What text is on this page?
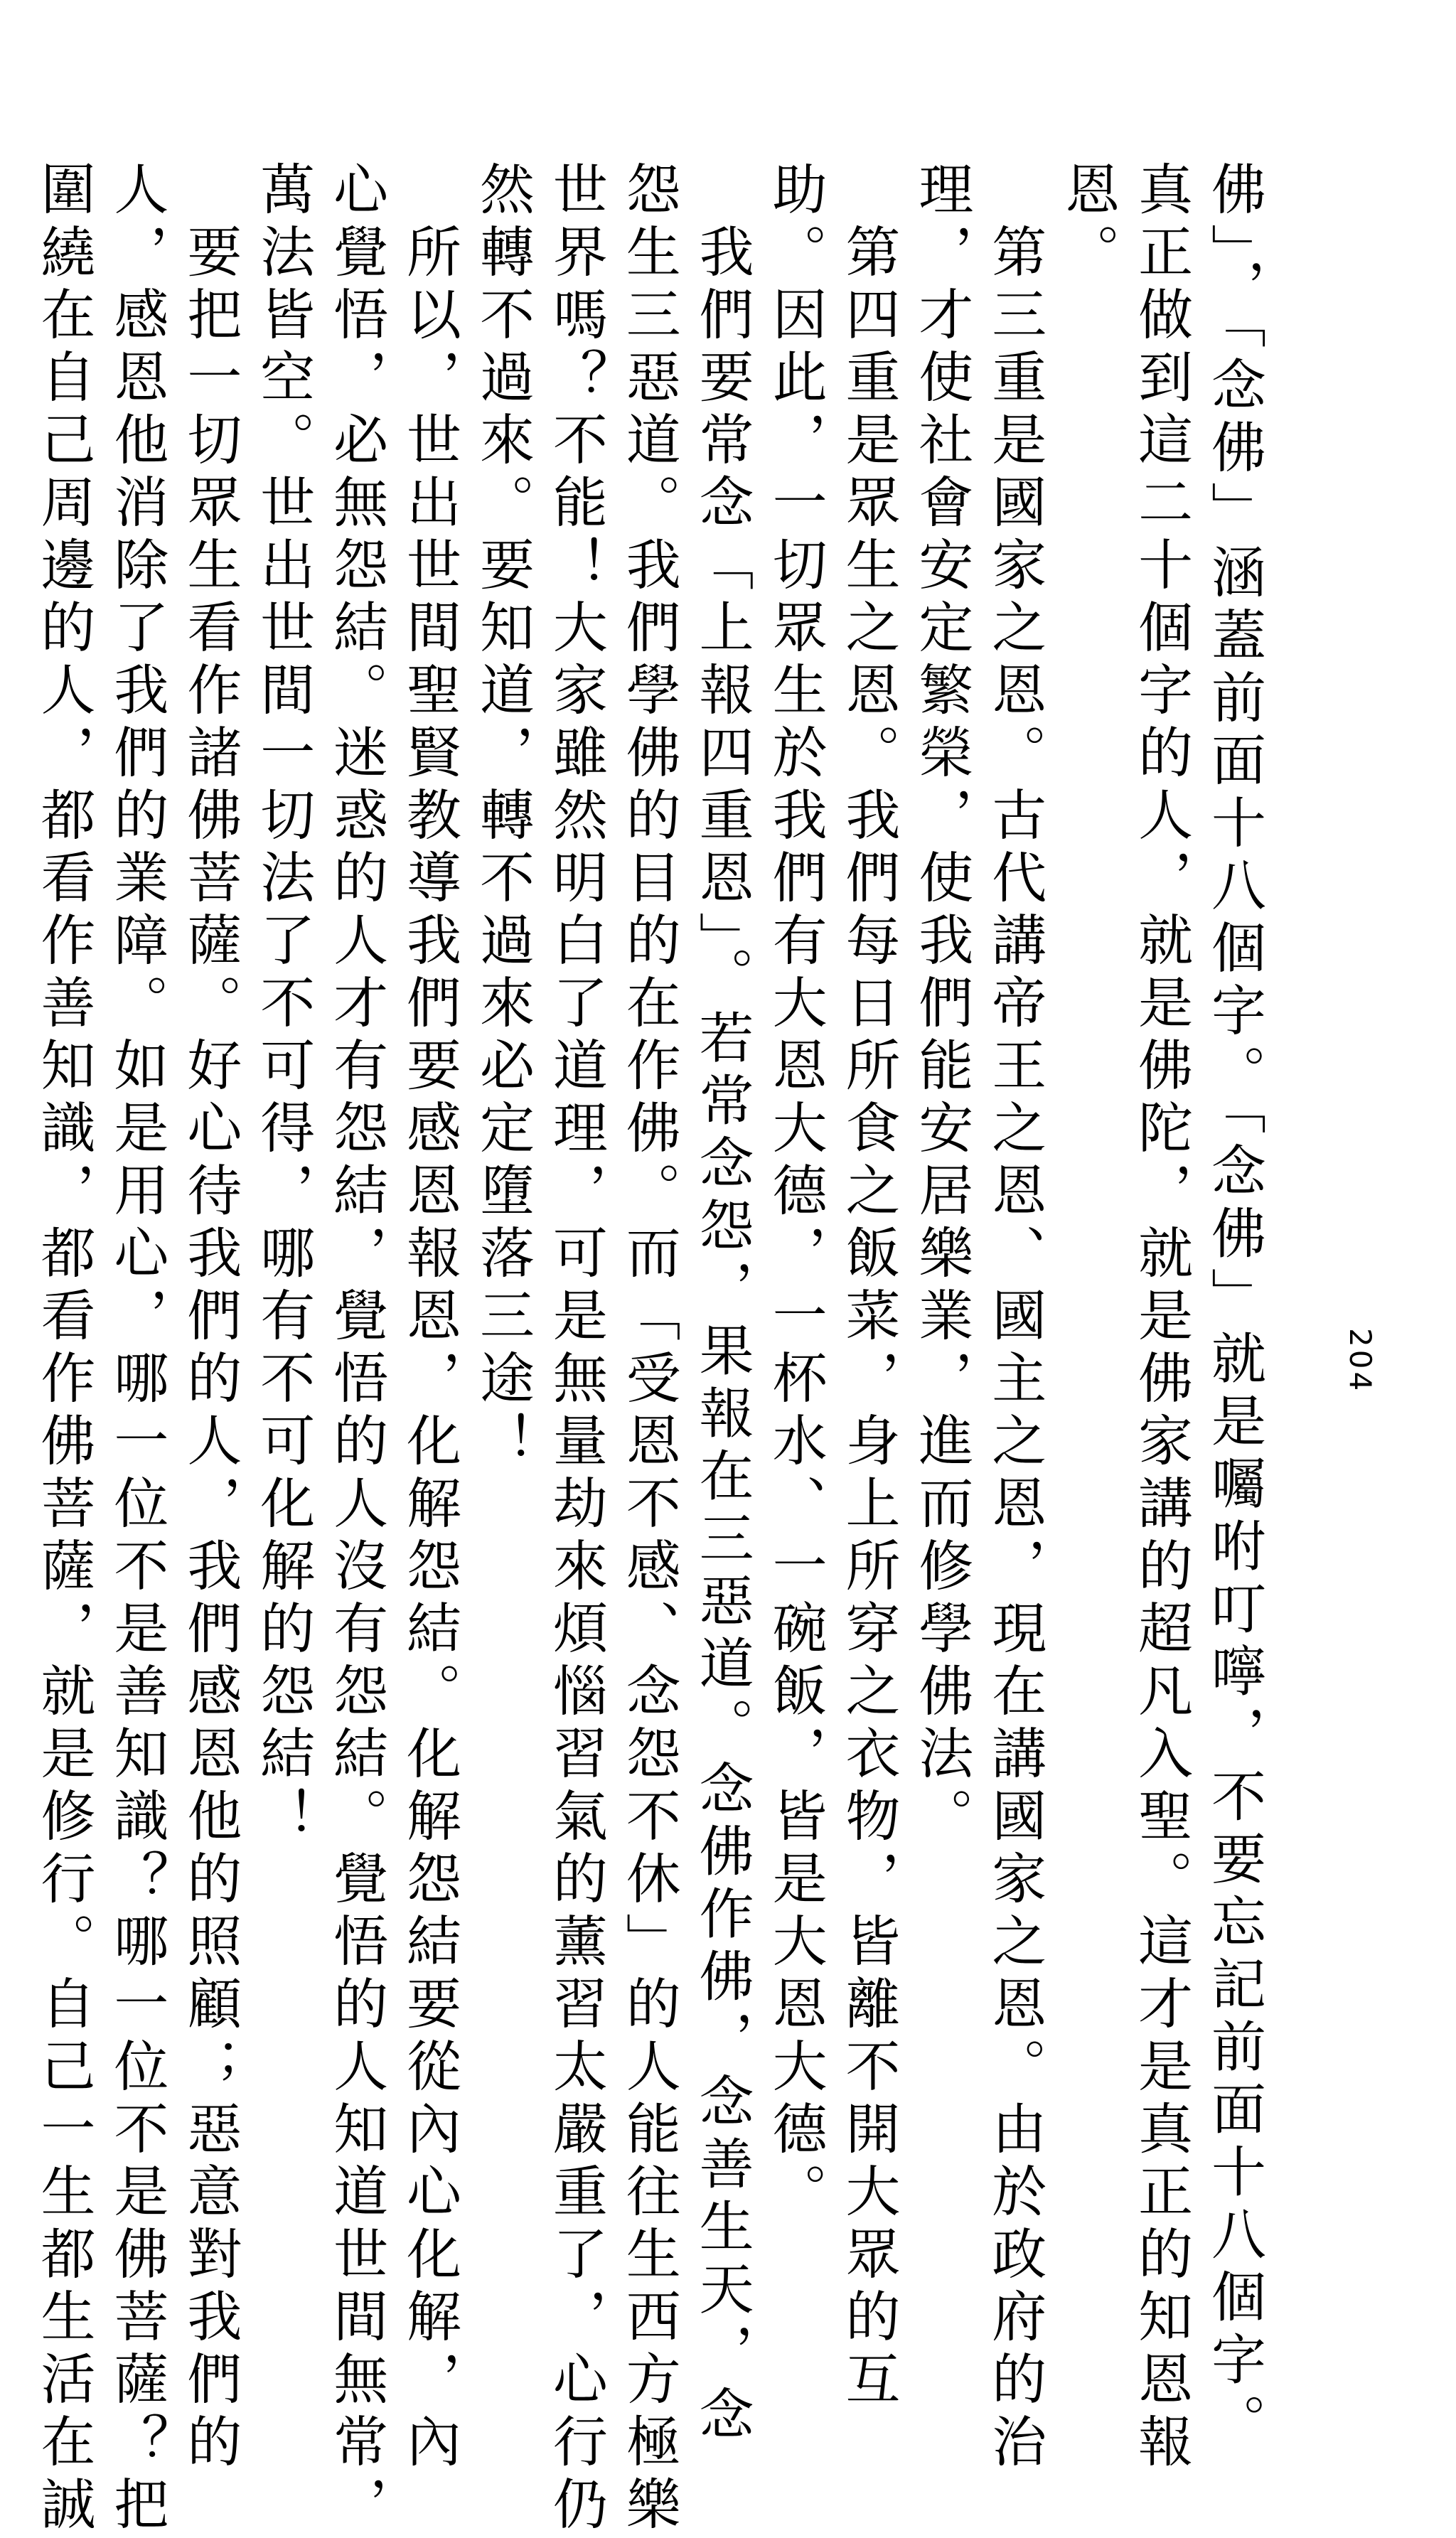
204
佛」，「念佛」涵蓋前面十八個字。「念佛」就是囑咐叮嚀，不要忘記前面十八個字。
真正做到這二十個字的人，就是佛陀，就是佛家講的超凡入聖。這才是真正的知恩報
恩。
　第三重是國家之恩。古代講帝王之恩、國主之恩，現在講國家之恩。由於政府的治
理，才使社會安定繁榮，使我們能安居樂業，進而修學佛法。
　第四重是眾生之恩。我們每日所食之飯菜，身上所穿之衣物，皆離不開大眾的互
助。因此，一切眾生於我們有大恩大德，一杯水、一碗飯，皆是大恩大德。
　我們要常念「上報四重恩」。若常念怨，果報在三惡道。念佛作佛，念善生天，念
怨生三惡道。我們學佛的目的在作佛。而「受恩不感、念怨不休」的人能往生西方極樂
世界嗎？不能！大家雖然明白了道理，可是無量劫來煩惱習氣的薰習太嚴重了，心行仍
然轉不過來。要知道，轉不過來必定墮落三途！
　所以，世出世間聖賢教導我們要感恩報恩，化解怨結。化解怨結要從內心化解，內
心覺悟，必無怨結。迷惑的人才有怨結，覺悟的人沒有怨結。覺悟的人知道世間無常，
萬法皆空。世出世間一切法了不可得，哪有不可化解的怨結！
　要把一切眾生看作諸佛菩薩。好心待我們的人，我們感恩他的照顧；惡意對我們的
人，感恩他消除了我們的業障。如是用心，哪一位不是善知識？哪一位不是佛菩薩？把
圍繞在自己周邊的人，都看作善知識，都看作佛菩薩，就是修行。自己一生都生活在誠
